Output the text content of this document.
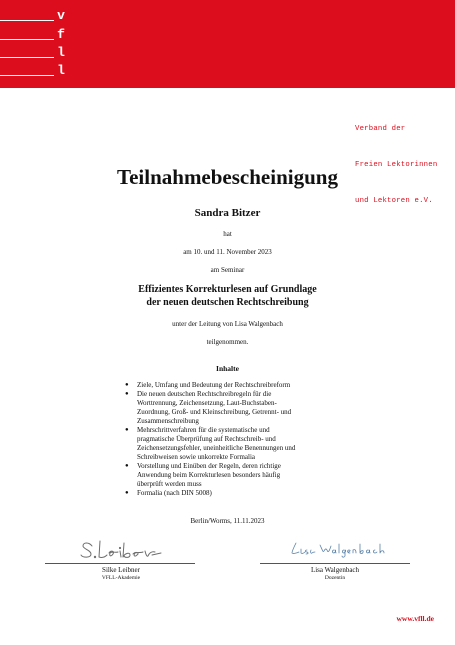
v
f
l
l

Verband der

Freien Lektorinnen

und Lektoren e.V.

Teilnahmebescheinigung
Sandra Bitzer
hat
am 10. und 11. November 2023
am Seminar
Effizientes Korrekturlesen auf Grundlage
der neuen deutschen Rechtschreibung
unter der Leitung von Lisa Walgenbach
teilgenommen.
Inhalte
● Ziele, Umfang und Bedeutung der Rechtschreibreform
● Die neuen deutschen Rechtschreibregeln für die
Worttrennung, Zeichensetzung, Laut-Buchstaben-
Zuordnung, Groß- und Kleinschreibung, Getrennt- und
Zusammenschreibung
● Mehrschrittverfahren für die systematische und
pragmatische Überprüfung auf Rechtschreib- und
Zeichensetzungsfehler, uneinheitliche Benennungen und
Schreibweisen sowie unkorrekte Formalia
● Vorstellung und Einüben der Regeln, deren richtige
Anwendung beim Korrekturlesen besonders häufig
überprüft werden muss
● Formalia (nach DIN 5008)
Berlin/Worms, 11.11.2023
Silke Leibner
VFLL-Akademie
Lisa Walgenbach
Dozentin
www.vfll.de
